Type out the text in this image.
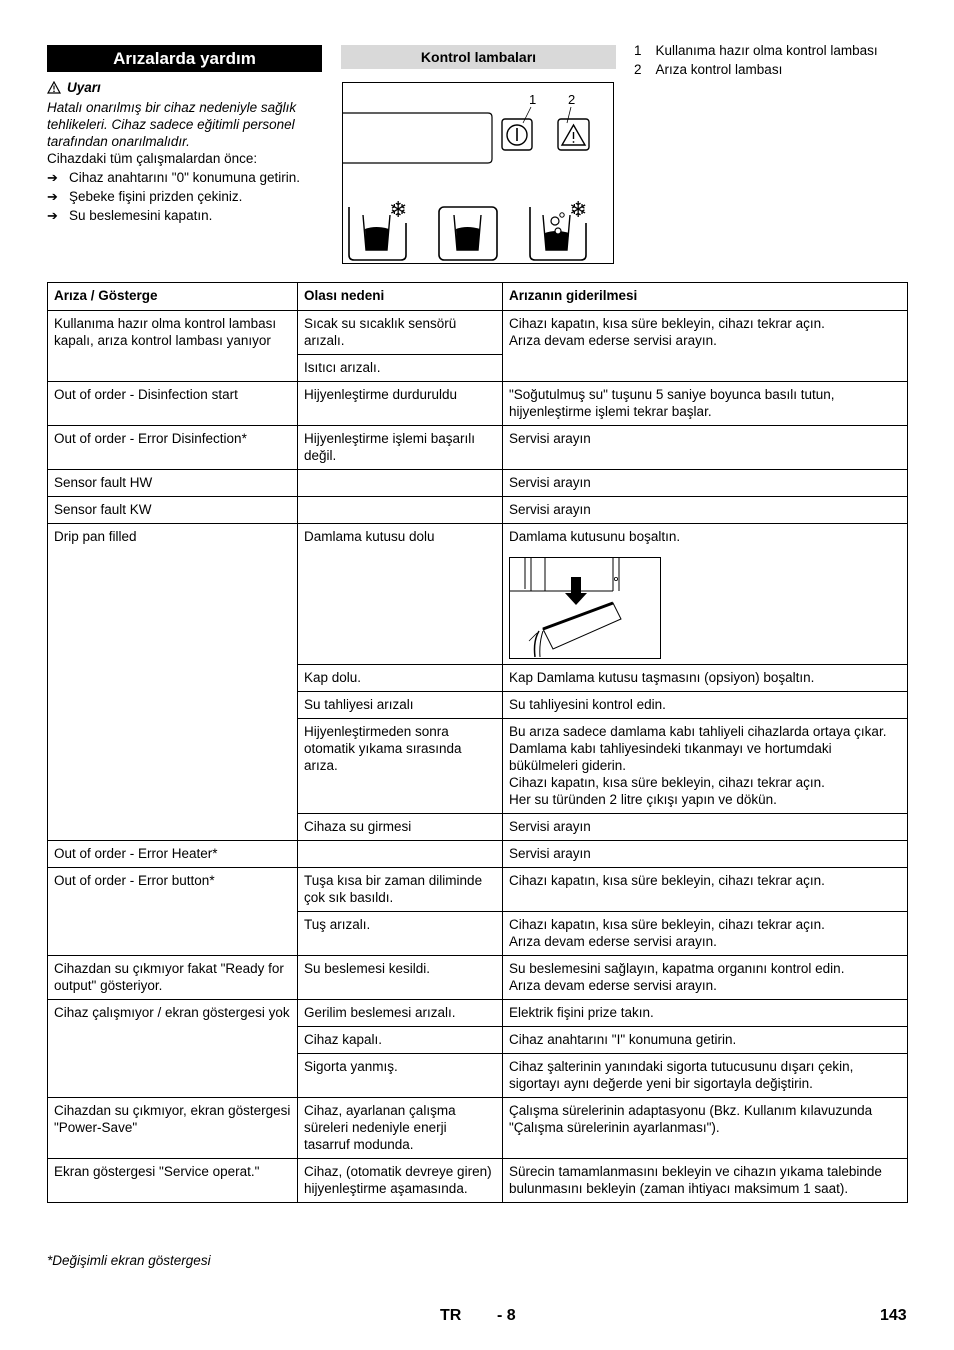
Arızalarda yardım
Uyarı
Hatalı onarılmış bir cihaz nedeniyle sağlık tehlikeleri. Cihaz sadece eğitimli personel tarafından onarılmalıdır.
Cihazdaki tüm çalışmalardan önce:
➔ Cihaz anahtarını "0" konumuna getirin.
➔ Şebeke fişini prizden çekiniz.
➔ Su beslemesini kapatın.
Kontrol lambaları
1 2
❄	❄
1 Kullanıma hazır olma kontrol lambası
2 Arıza kontrol lambası
Arıza / Gösterge	Olası nedeni	Arızanın giderilmesi
Kullanıma hazır olma kontrol lambası kapalı, arıza kontrol lambası yanıyor	Sıcak su sıcaklık sensörü arızalı.	Cihazı kapatın, kısa süre bekleyin, cihazı tekrar açın.
Arıza devam ederse servisi arayın.
	Isıtıcı arızalı.	
Out of order - Disinfection start	Hijyenleştirme durduruldu	"Soğutulmuş su" tuşunu 5 saniye boyunca basılı tutun, hijyenleştirme işlemi tekrar başlar.
Out of order - Error Disinfection*	Hijyenleştirme işlemi başarılı değil.	Servisi arayın
Sensor fault HW		Servisi arayın
Sensor fault KW		Servisi arayın
Drip pan filled	Damlama kutusu dolu	Damlama kutusunu boşaltın.

	Kap dolu.	Kap Damlama kutusu taşmasını (opsiyon) boşaltın.
	Su tahliyesi arızalı	Su tahliyesini kontrol edin.
	Hijyenleştirmeden sonra otomatik yıkama sırasında arıza.	Bu arıza sadece damlama kabı tahliyeli cihazlarda ortaya çıkar.
Damlama kabı tahliyesindeki tıkanmayı ve hortumdaki bükülmeleri giderin.
Cihazı kapatın, kısa süre bekleyin, cihazı tekrar açın.
Her su türünden 2 litre çıkışı yapın ve dökün.
	Cihaza su girmesi	Servisi arayın
Out of order - Error Heater*		Servisi arayın
Out of order - Error button*	Tuşa kısa bir zaman diliminde çok sık basıldı.	Cihazı kapatın, kısa süre bekleyin, cihazı tekrar açın.
	Tuş arızalı.	Cihazı kapatın, kısa süre bekleyin, cihazı tekrar açın.
Arıza devam ederse servisi arayın.
Cihazdan su çıkmıyor fakat "Ready for output" gösteriyor.	Su beslemesi kesildi.	Su beslemesini sağlayın, kapatma organını kontrol edin.
Arıza devam ederse servisi arayın.
Cihaz çalışmıyor / ekran göstergesi yok	Gerilim beslemesi arızalı.	Elektrik fişini prize takın.
	Cihaz kapalı.	Cihaz anahtarını "I" konumuna getirin.
	Sigorta yanmış.	Cihaz şalterinin yanındaki sigorta tutucusunu dışarı çekin, sigortayı aynı değerde yeni bir sigortayla değiştirin.
Cihazdan su çıkmıyor, ekran göstergesi "Power-Save"	Cihaz, ayarlanan çalışma süreleri nedeniyle enerji tasarruf modunda.	Çalışma sürelerinin adaptasyonu (Bkz. Kullanım kılavuzunda "Çalışma sürelerinin ayarlanması").
Ekran göstergesi "Service operat."	Cihaz, (otomatik devreye giren) hijyenleştirme aşamasında.	Sürecin tamamlanmasını bekleyin ve cihazın yıkama talebinde bulunmasını bekleyin (zaman ihtiyacı maksimum 1 saat).
*Değişimli ekran göstergesi
TR - 8	143
